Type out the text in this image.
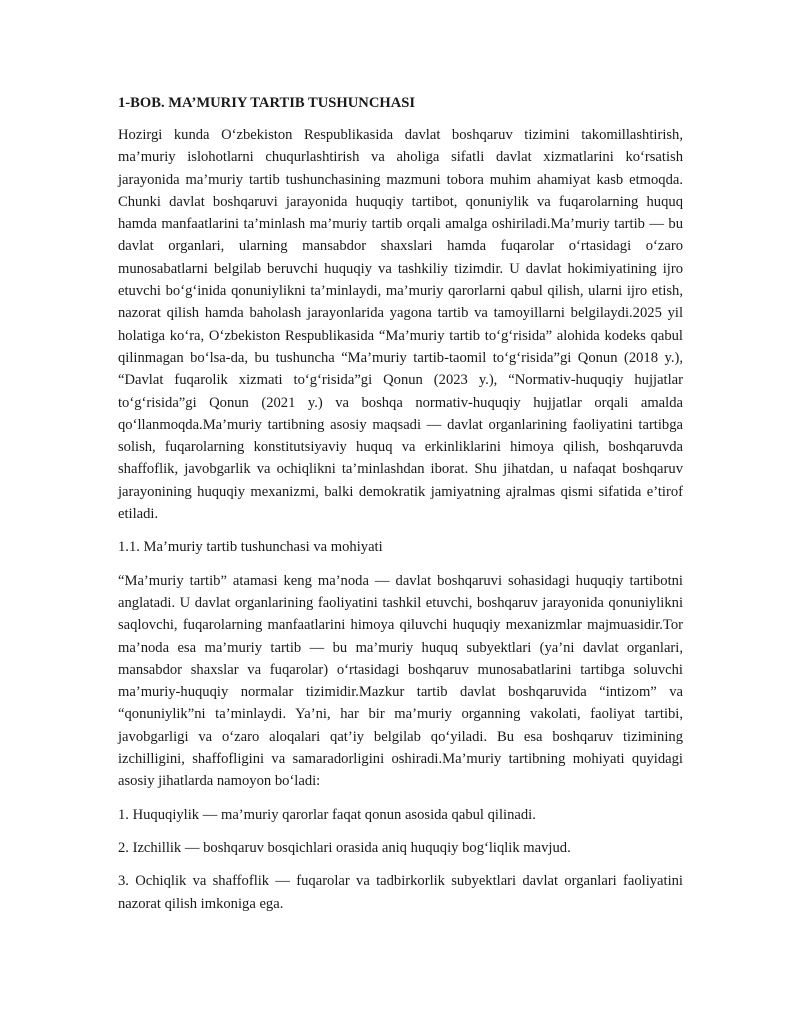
1-BOB. MA’MURIY TARTIB TUSHUNCHASI
Hozirgi kunda O‘zbekiston Respublikasida davlat boshqaruv tizimini takomillashtirish, ma’muriy islohotlarni chuqurlashtirish va aholiga sifatli davlat xizmatlarini ko‘rsatish jarayonida ma’muriy tartib tushunchasining mazmuni tobora muhim ahamiyat kasb etmoqda. Chunki davlat boshqaruvi jarayonida huquqiy tartibot, qonuniylik va fuqarolarning huquq hamda manfaatlarini ta’minlash ma’muriy tartib orqali amalga oshiriladi.Ma’muriy tartib — bu davlat organlari, ularning mansabdor shaxslari hamda fuqarolar o‘rtasidagi o‘zaro munosabatlarni belgilab beruvchi huquqiy va tashkiliy tizimdir. U davlat hokimiyatining ijro etuvchi bo‘g‘inida qonuniylikni ta’minlaydi, ma’muriy qarorlarni qabul qilish, ularni ijro etish, nazorat qilish hamda baholash jarayonlarida yagona tartib va tamoyillarni belgilaydi.2025 yil holatiga ko‘ra, O‘zbekiston Respublikasida “Ma’muriy tartib to‘g‘risida” alohida kodeks qabul qilinmagan bo‘lsa-da, bu tushuncha “Ma’muriy tartib-taomil to‘g‘risida”gi Qonun (2018 y.), “Davlat fuqarolik xizmati to‘g‘risida”gi Qonun (2023 y.), “Normativ-huquqiy hujjatlar to‘g‘risida”gi Qonun (2021 y.) va boshqa normativ-huquqiy hujjatlar orqali amalda qo‘llanmoqda.Ma’muriy tartibning asosiy maqsadi — davlat organlarining faoliyatini tartibga solish, fuqarolarning konstitutsiyaviy huquq va erkinliklarini himoya qilish, boshqaruvda shaffoflik, javobgarlik va ochiqlikni ta’minlashdan iborat. Shu jihatdan, u nafaqat boshqaruv jarayonining huquqiy mexanizmi, balki demokratik jamiyatning ajralmas qismi sifatida e’tirof etiladi.
1.1. Ma’muriy tartib tushunchasi va mohiyati
“Ma’muriy tartib” atamasi keng ma’noda — davlat boshqaruvi sohasidagi huquqiy tartibotni anglatadi. U davlat organlarining faoliyatini tashkil etuvchi, boshqaruv jarayonida qonuniylikni saqlovchi, fuqarolarning manfaatlarini himoya qiluvchi huquqiy mexanizmlar majmuasidir.Tor ma’noda esa ma’muriy tartib — bu ma’muriy huquq subyektlari (ya’ni davlat organlari, mansabdor shaxslar va fuqarolar) o‘rtasidagi boshqaruv munosabatlarini tartibga soluvchi ma’muriy-huquqiy normalar tizimidir.Mazkur tartib davlat boshqaruvida “intizom” va “qonuniylik”ni ta’minlaydi. Ya’ni, har bir ma’muriy organning vakolati, faoliyat tartibi, javobgarligi va o‘zaro aloqalari qat’iy belgilab qo‘yiladi. Bu esa boshqaruv tizimining izchilligini, shaffofligini va samaradorligini oshiradi.Ma’muriy tartibning mohiyati quyidagi asosiy jihatlarda namoyon bo‘ladi:
1. Huquqiylik — ma’muriy qarorlar faqat qonun asosida qabul qilinadi.
2. Izchillik — boshqaruv bosqichlari orasida aniq huquqiy bog‘liqlik mavjud.
3. Ochiqlik va shaffoflik — fuqarolar va tadbirkorlik subyektlari davlat organlari faoliyatini nazorat qilish imkoniga ega.
